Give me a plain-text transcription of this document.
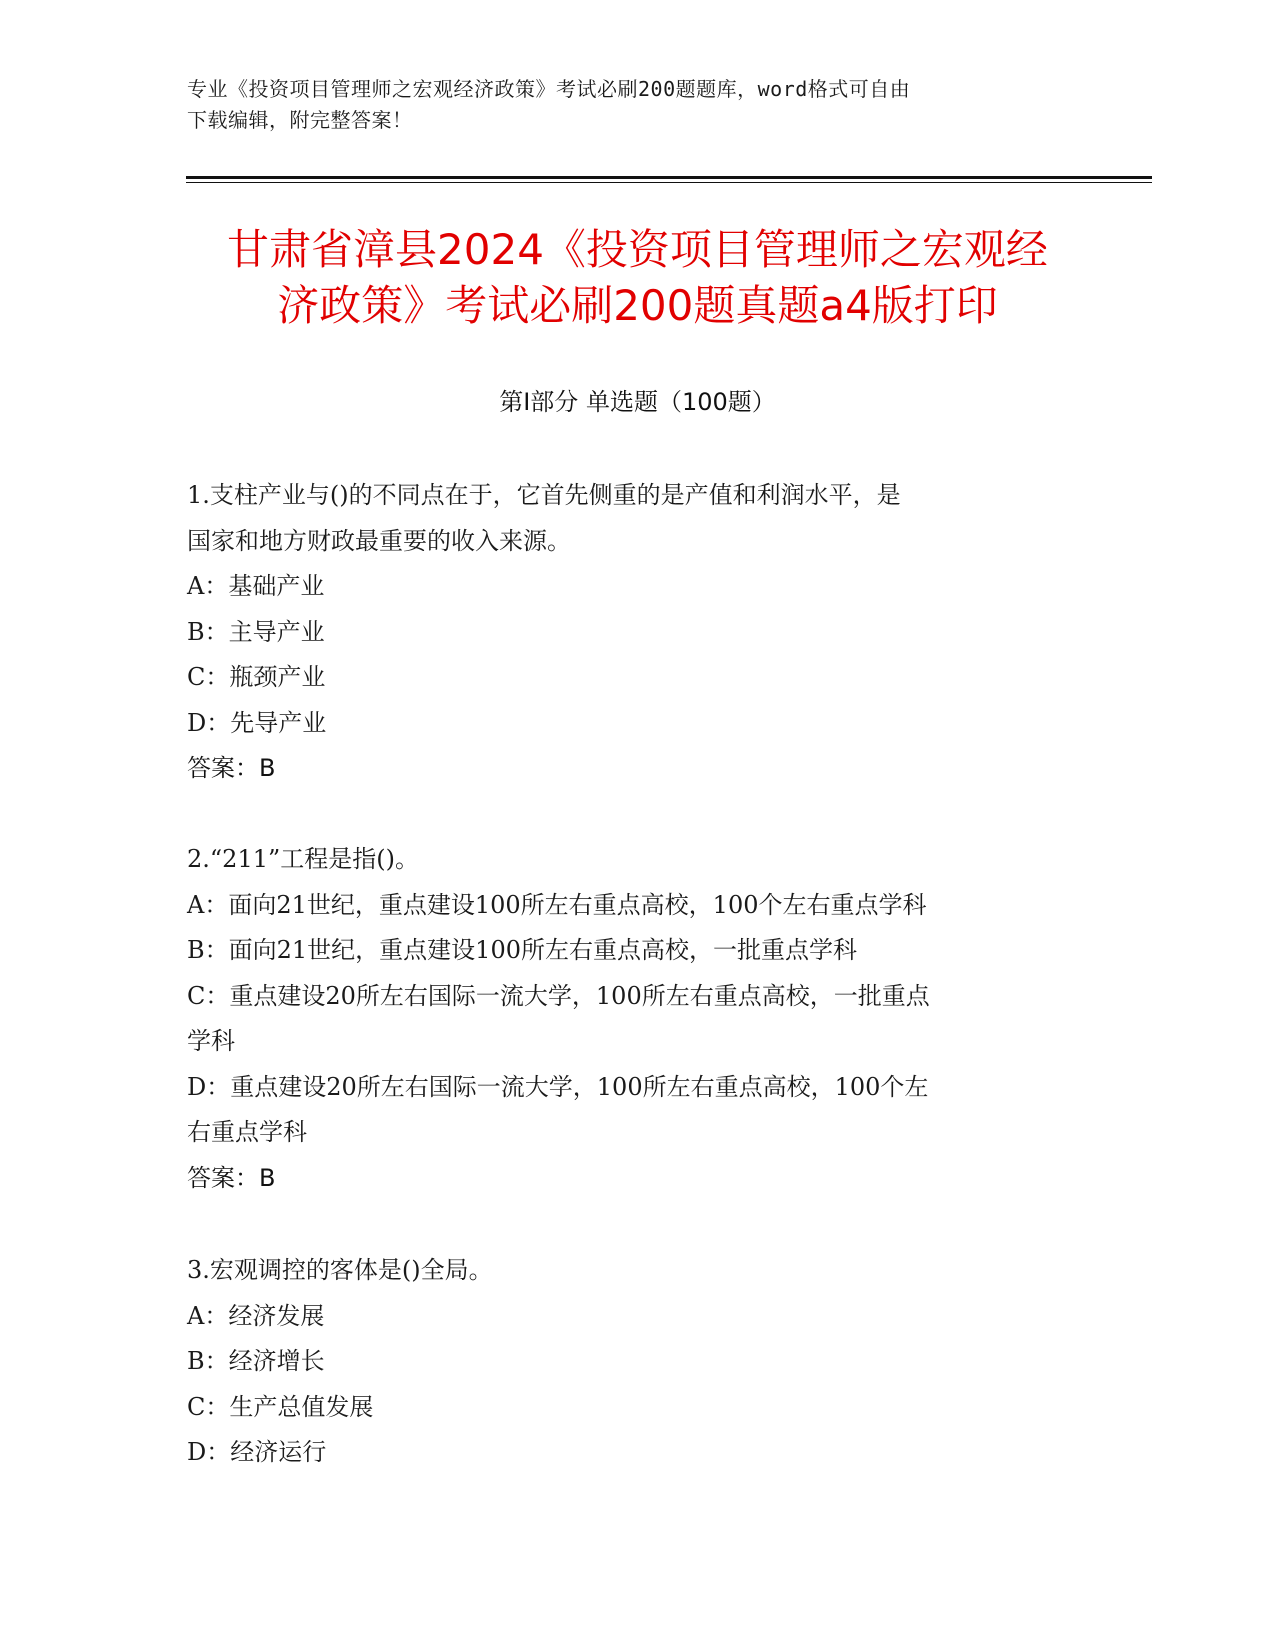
专业《投资项目管理师之宏观经济政策》考试必刷200题题库，word格式可自由

下载编辑，附完整答案！

甘肃省漳县2024《投资项目管理师之宏观经

济政策》考试必刷200题真题a4版打印

第I部分 单选题（100题）

1.支柱产业与()的不同点在于，它首先侧重的是产值和利润水平，是

国家和地方财政最重要的收入来源。

A：基础产业

B：主导产业

C：瓶颈产业

D：先导产业

答案：B

2.“211”工程是指()。

A：面向21世纪，重点建设100所左右重点高校，100个左右重点学科

B：面向21世纪，重点建设100所左右重点高校，一批重点学科

C：重点建设20所左右国际一流大学，100所左右重点高校，一批重点

学科

D：重点建设20所左右国际一流大学，100所左右重点高校，100个左

右重点学科

答案：B

3.宏观调控的客体是()全局。

A：经济发展

B：经济增长

C：生产总值发展

D：经济运行
